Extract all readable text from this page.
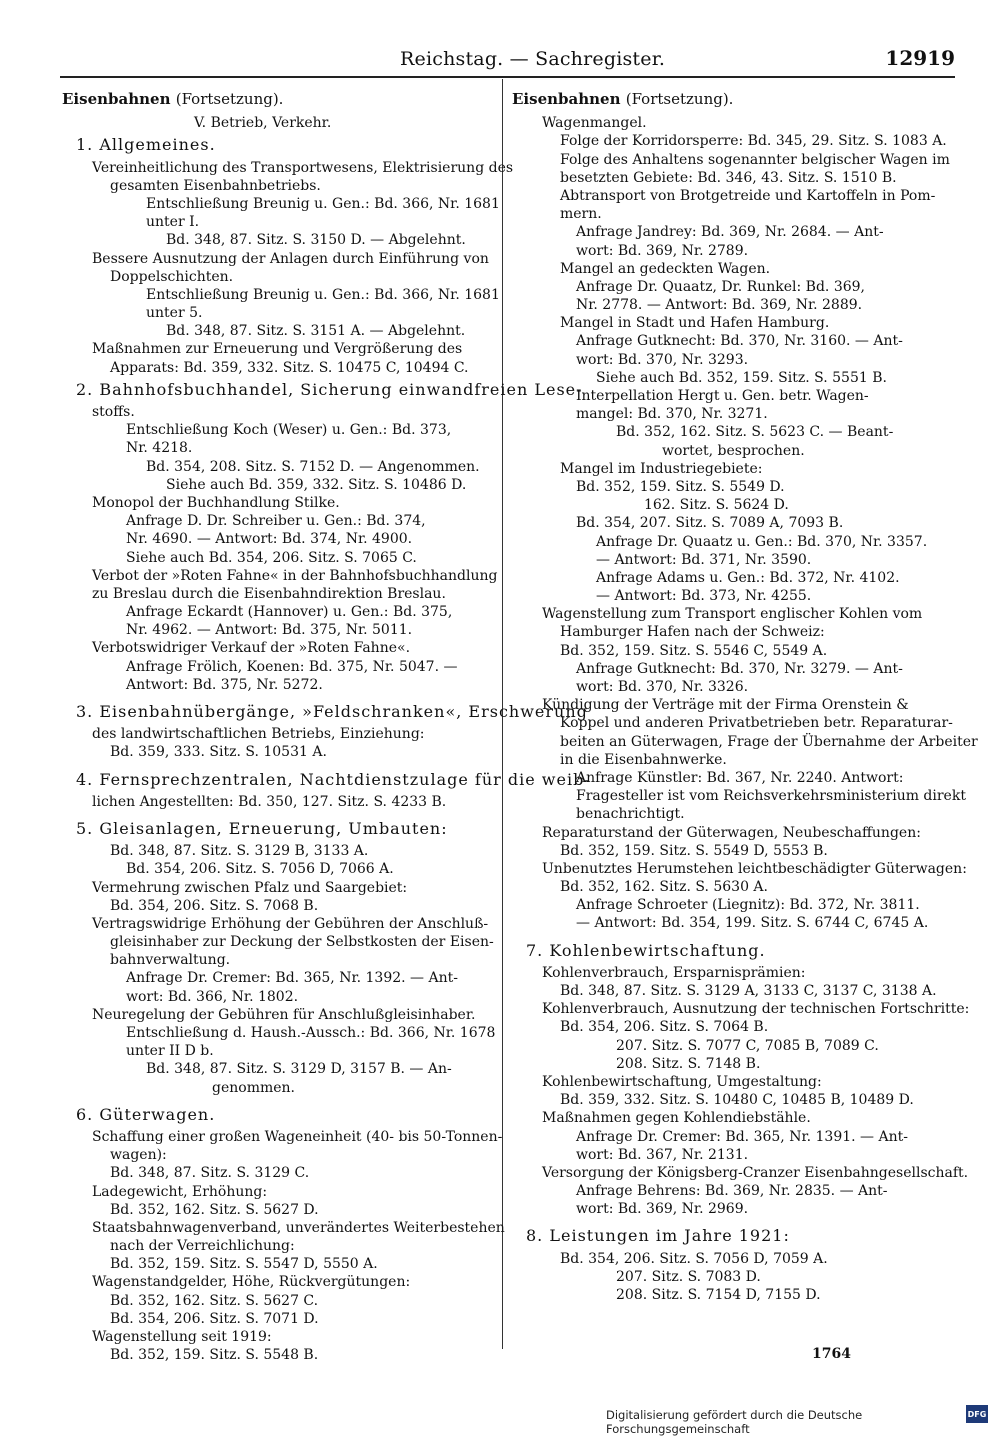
Reichstag. — Sachregister.	12919
Eisenbahnen (Fortsetzung).
V. Betrieb, Verkehr.
1. Allgemeines.
Vereinheitlichung des Transportwesens, Elektrisierung des
gesamten Eisenbahnbetriebs.
Entschließung Breunig u. Gen.: Bd. 366, Nr. 1681
unter I.
Bd. 348, 87. Sitz. S. 3150 D. — Abgelehnt.
Bessere Ausnutzung der Anlagen durch Einführung von
Doppelschichten.
Entschließung Breunig u. Gen.: Bd. 366, Nr. 1681
unter 5.
Bd. 348, 87. Sitz. S. 3151 A. — Abgelehnt.
Maßnahmen zur Erneuerung und Vergrößerung des
Apparats: Bd. 359, 332. Sitz. S. 10475 C, 10494 C.
2. Bahnhofsbuchhandel, Sicherung einwandfreien Lese-
stoffs.
Entschließung Koch (Weser) u. Gen.: Bd. 373,
Nr. 4218.
Bd. 354, 208. Sitz. S. 7152 D. — Angenommen.
Siehe auch Bd. 359, 332. Sitz. S. 10486 D.
Monopol der Buchhandlung Stilke.
Anfrage D. Dr. Schreiber u. Gen.: Bd. 374,
Nr. 4690. — Antwort: Bd. 374, Nr. 4900.
Siehe auch Bd. 354, 206. Sitz. S. 7065 C.
Verbot der »Roten Fahne« in der Bahnhofsbuchhandlung
zu Breslau durch die Eisenbahndirektion Breslau.
Anfrage Eckardt (Hannover) u. Gen.: Bd. 375,
Nr. 4962. — Antwort: Bd. 375, Nr. 5011.
Verbotswidriger Verkauf der »Roten Fahne«.
Anfrage Frölich, Koenen: Bd. 375, Nr. 5047. —
Antwort: Bd. 375, Nr. 5272.
3. Eisenbahnübergänge, »Feldschranken«, Erschwerung
des landwirtschaftlichen Betriebs, Einziehung:
Bd. 359, 333. Sitz. S. 10531 A.
4. Fernsprechzentralen, Nachtdienstzulage für die weib-
lichen Angestellten: Bd. 350, 127. Sitz. S. 4233 B.
5. Gleisanlagen, Erneuerung, Umbauten:
Bd. 348, 87. Sitz. S. 3129 B, 3133 A.
Bd. 354, 206. Sitz. S. 7056 D, 7066 A.
Vermehrung zwischen Pfalz und Saargebiet:
Bd. 354, 206. Sitz. S. 7068 B.
Vertragswidrige Erhöhung der Gebühren der Anschluß-
gleisinhaber zur Deckung der Selbstkosten der Eisen-
bahnverwaltung.
Anfrage Dr. Cremer: Bd. 365, Nr. 1392. — Ant-
wort: Bd. 366, Nr. 1802.
Neuregelung der Gebühren für Anschlußgleisinhaber.
Entschließung d. Haush.-Aussch.: Bd. 366, Nr. 1678
unter II D b.
Bd. 348, 87. Sitz. S. 3129 D, 3157 B. — An-
genommen.
6. Güterwagen.
Schaffung einer großen Wageneinheit (40- bis 50-Tonnen-
wagen):
Bd. 348, 87. Sitz. S. 3129 C.
Ladegewicht, Erhöhung:
Bd. 352, 162. Sitz. S. 5627 D.
Staatsbahnwagenverband, unverändertes Weiterbestehen
nach der Verreichlichung:
Bd. 352, 159. Sitz. S. 5547 D, 5550 A.
Wagenstandgelder, Höhe, Rückvergütungen:
Bd. 352, 162. Sitz. S. 5627 C.
Bd. 354, 206. Sitz. S. 7071 D.
Wagenstellung seit 1919:
Bd. 352, 159. Sitz. S. 5548 B.
Eisenbahnen (Fortsetzung).
Wagenmangel.
Folge der Korridorsperre: Bd. 345, 29. Sitz. S. 1083 A.
Folge des Anhaltens sogenannter belgischer Wagen im
besetzten Gebiete: Bd. 346, 43. Sitz. S. 1510 B.
Abtransport von Brotgetreide und Kartoffeln in Pom-
mern.
Anfrage Jandrey: Bd. 369, Nr. 2684. — Ant-
wort: Bd. 369, Nr. 2789.
Mangel an gedeckten Wagen.
Anfrage Dr. Quaatz, Dr. Runkel: Bd. 369,
Nr. 2778. — Antwort: Bd. 369, Nr. 2889.
Mangel in Stadt und Hafen Hamburg.
Anfrage Gutknecht: Bd. 370, Nr. 3160. — Ant-
wort: Bd. 370, Nr. 3293.
Siehe auch Bd. 352, 159. Sitz. S. 5551 B.
Interpellation Hergt u. Gen. betr. Wagen-
mangel: Bd. 370, Nr. 3271.
Bd. 352, 162. Sitz. S. 5623 C. — Beant-
wortet, besprochen.
Mangel im Industriegebiete:
Bd. 352, 159. Sitz. S. 5549 D.
162. Sitz. S. 5624 D.
Bd. 354, 207. Sitz. S. 7089 A, 7093 B.
Anfrage Dr. Quaatz u. Gen.: Bd. 370, Nr. 3357.
— Antwort: Bd. 371, Nr. 3590.
Anfrage Adams u. Gen.: Bd. 372, Nr. 4102.
— Antwort: Bd. 373, Nr. 4255.
Wagenstellung zum Transport englischer Kohlen vom
Hamburger Hafen nach der Schweiz:
Bd. 352, 159. Sitz. S. 5546 C, 5549 A.
Anfrage Gutknecht: Bd. 370, Nr. 3279. — Ant-
wort: Bd. 370, Nr. 3326.
Kündigung der Verträge mit der Firma Orenstein &
Koppel und anderen Privatbetrieben betr. Reparaturar-
beiten an Güterwagen, Frage der Übernahme der Arbeiter
in die Eisenbahnwerke.
Anfrage Künstler: Bd. 367, Nr. 2240. Antwort:
Fragesteller ist vom Reichsverkehrsministerium direkt
benachrichtigt.
Reparaturstand der Güterwagen, Neubeschaffungen:
Bd. 352, 159. Sitz. S. 5549 D, 5553 B.
Unbenutztes Herumstehen leichtbeschädigter Güterwagen:
Bd. 352, 162. Sitz. S. 5630 A.
Anfrage Schroeter (Liegnitz): Bd. 372, Nr. 3811.
— Antwort: Bd. 354, 199. Sitz. S. 6744 C, 6745 A.
7. Kohlenbewirtschaftung.
Kohlenverbrauch, Ersparnisprämien:
Bd. 348, 87. Sitz. S. 3129 A, 3133 C, 3137 C, 3138 A.
Kohlenverbrauch, Ausnutzung der technischen Fortschritte:
Bd. 354, 206. Sitz. S. 7064 B.
207. Sitz. S. 7077 C, 7085 B, 7089 C.
208. Sitz. S. 7148 B.
Kohlenbewirtschaftung, Umgestaltung:
Bd. 359, 332. Sitz. S. 10480 C, 10485 B, 10489 D.
Maßnahmen gegen Kohlendiebstähle.
Anfrage Dr. Cremer: Bd. 365, Nr. 1391. — Ant-
wort: Bd. 367, Nr. 2131.
Versorgung der Königsberg-Cranzer Eisenbahngesellschaft.
Anfrage Behrens: Bd. 369, Nr. 2835. — Ant-
wort: Bd. 369, Nr. 2969.
8. Leistungen im Jahre 1921:
Bd. 354, 206. Sitz. S. 7056 D, 7059 A.
207. Sitz. S. 7083 D.
208. Sitz. S. 7154 D, 7155 D.
1764
Digitalisierung gefördert durch die Deutsche Forschungsgemeinschaft
DFG
